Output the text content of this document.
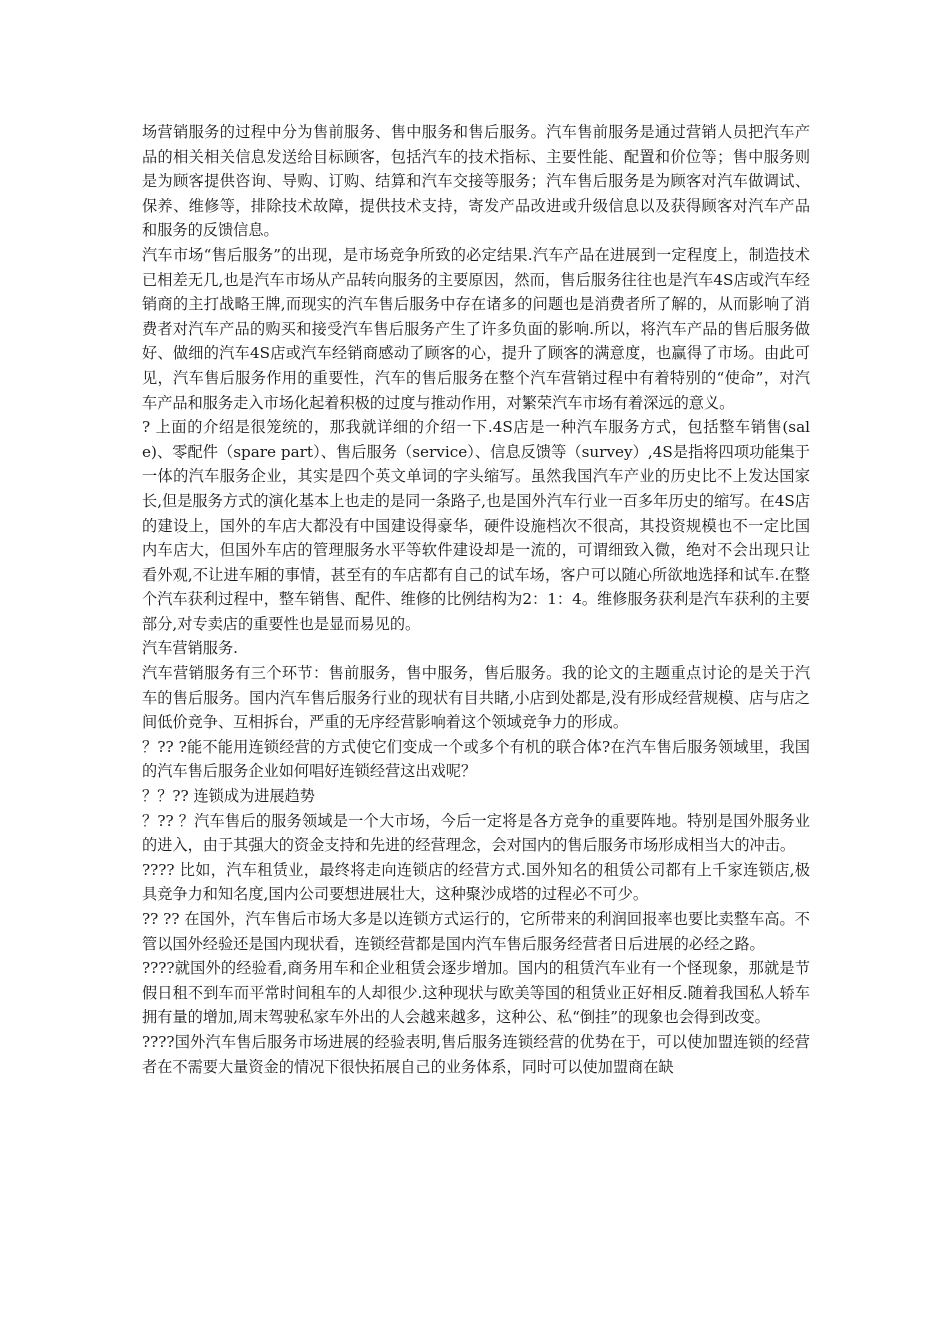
场营销服务的过程中分为售前服务、售中服务和售后服务。汽车售前服务是通过营销人员把汽车产品的相关相关信息发送给目标顾客，包括汽车的技术指标、主要性能、配置和价位等；售中服务则是为顾客提供咨询、导购、订购、结算和汽车交接等服务；汽车售后服务是为顾客对汽车做调试、保养、维修等，排除技术故障，提供技术支持，寄发产品改进或升级信息以及获得顾客对汽车产品和服务的反馈信息。

汽车市场“售后服务”的出现，是市场竞争所致的必定结果.汽车产品在进展到一定程度上，制造技术已相差无几,也是汽车市场从产品转向服务的主要原因，然而，售后服务往往也是汽车4S店或汽车经销商的主打战略王牌,而现实的汽车售后服务中存在诸多的问题也是消费者所了解的，从而影响了消费者对汽车产品的购买和接受汽车售后服务产生了许多负面的影响.所以，将汽车产品的售后服务做好、做细的汽车4S店或汽车经销商感动了顾客的心，提升了顾客的满意度，也赢得了市场。由此可见，汽车售后服务作用的重要性，汽车的售后服务在整个汽车营销过程中有着特别的“使命”，对汽车产品和服务走入市场化起着积极的过度与推动作用，对繁荣汽车市场有着深远的意义。

? 上面的介绍是很笼统的，那我就详细的介绍一下.4S店是一种汽车服务方式，包括整车销售(sale)、零配件（spare part）、售后服务（service）、信息反馈等（survey）,4S是指将四项功能集于一体的汽车服务企业，其实是四个英文单词的字头缩写。虽然我国汽车产业的历史比不上发达国家长,但是服务方式的演化基本上也走的是同一条路子,也是国外汽车行业一百多年历史的缩写。在4S店的建设上，国外的车店大都没有中国建设得豪华，硬件设施档次不很高，其投资规模也不一定比国内车店大，但国外车店的管理服务水平等软件建设却是一流的，可谓细致入微，绝对不会出现只让看外观,不让进车厢的事情，甚至有的车店都有自己的试车场，客户可以随心所欲地选择和试车.在整个汽车获利过程中，整车销售、配件、维修的比例结构为2：1：4。维修服务获利是汽车获利的主要部分,对专卖店的重要性也是显而易见的。

汽车营销服务.

汽车营销服务有三个环节：售前服务，售中服务，售后服务。我的论文的主题重点讨论的是关于汽车的售后服务。国内汽车售后服务行业的现状有目共睹,小店到处都是,没有形成经营规模、店与店之间低价竞争、互相拆台，严重的无序经营影响着这个领域竞争力的形成。

？?? ?能不能用连锁经营的方式使它们变成一个或多个有机的联合体?在汽车售后服务领域里，我国的汽车售后服务企业如何唱好连锁经营这出戏呢？

？？?? 连锁成为进展趋势

？?? ？汽车售后的服务领域是一个大市场，今后一定将是各方竞争的重要阵地。特别是国外服务业的进入，由于其强大的资金支持和先进的经营理念，会对国内的售后服务市场形成相当大的冲击。

???? 比如，汽车租赁业，最终将走向连锁店的经营方式.国外知名的租赁公司都有上千家连锁店,极具竞争力和知名度,国内公司要想进展壮大，这种聚沙成塔的过程必不可少。

?? ?? 在国外，汽车售后市场大多是以连锁方式运行的，它所带来的利润回报率也要比卖整车高。不管以国外经验还是国内现状看，连锁经营都是国内汽车售后服务经营者日后进展的必经之路。

????就国外的经验看,商务用车和企业租赁会逐步增加。国内的租赁汽车业有一个怪现象，那就是节假日租不到车而平常时间租车的人却很少.这种现状与欧美等国的租赁业正好相反.随着我国私人轿车拥有量的增加,周末驾驶私家车外出的人会越来越多，这种公、私“倒挂”的现象也会得到改变。

????国外汽车售后服务市场进展的经验表明,售后服务连锁经营的优势在于，可以使加盟连锁的经营者在不需要大量资金的情况下很快拓展自己的业务体系，同时可以使加盟商在缺
